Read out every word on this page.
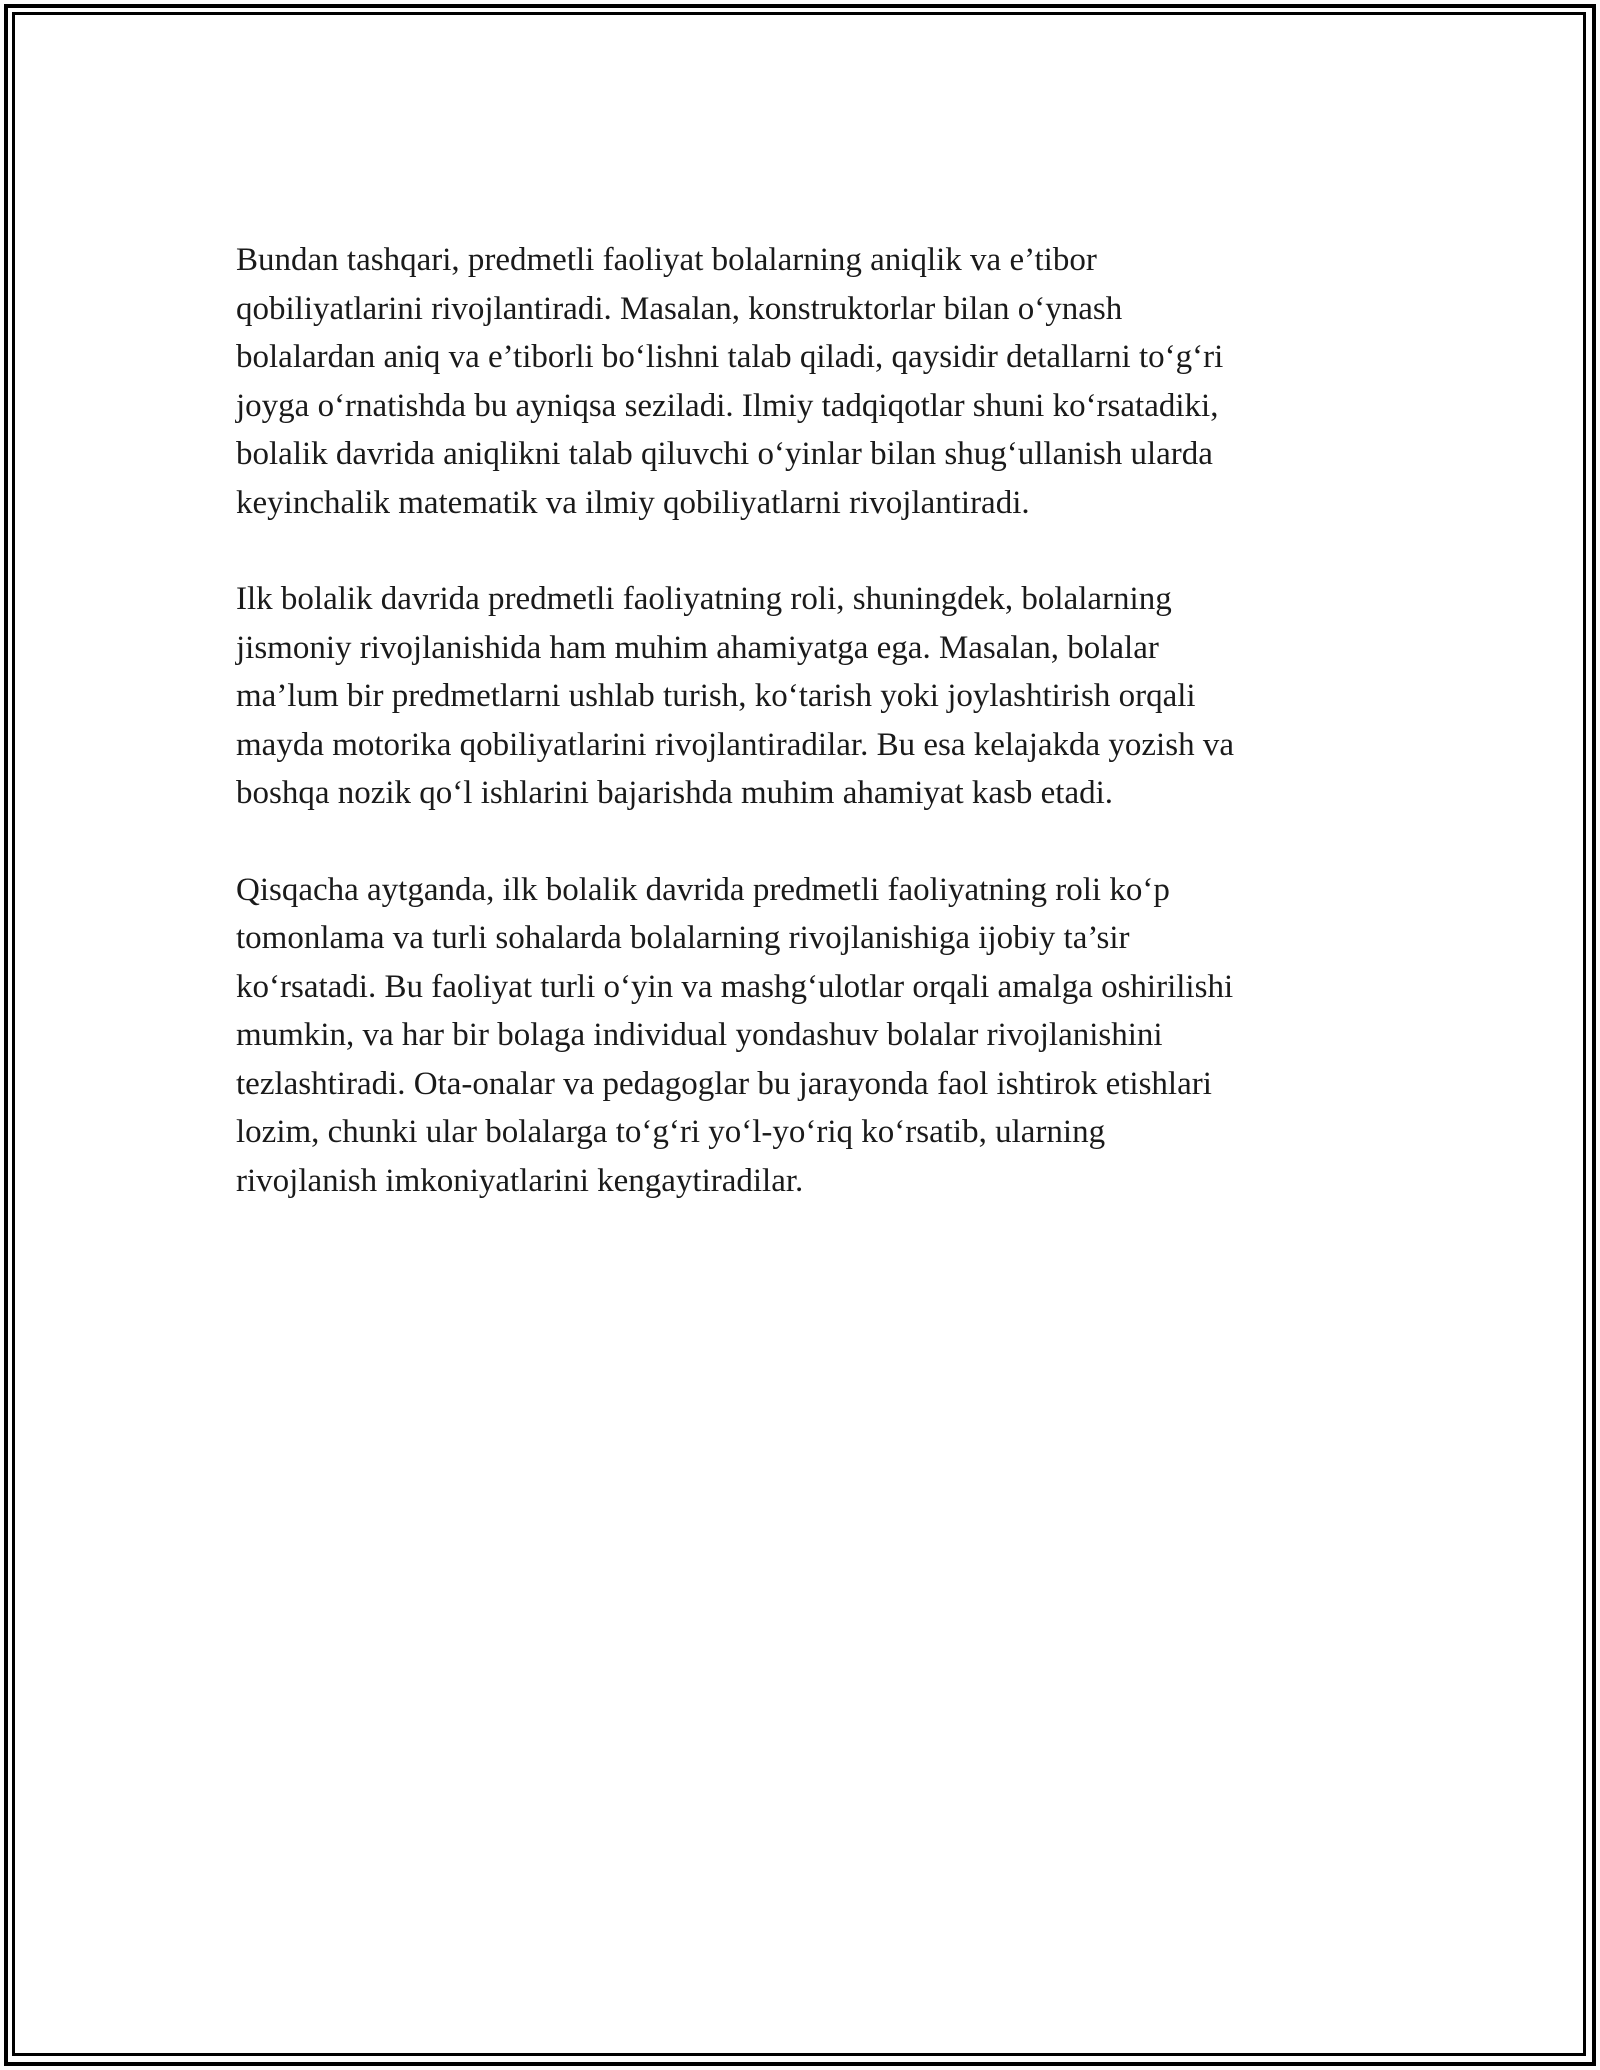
Bundan tashqari, predmetli faoliyat bolalarning aniqlik va e’tibor
qobiliyatlarini rivojlantiradi. Masalan, konstruktorlar bilan o‘ynash
bolalardan aniq va e’tiborli bo‘lishni talab qiladi, qaysidir detallarni to‘g‘ri
joyga o‘rnatishda bu ayniqsa seziladi. Ilmiy tadqiqotlar shuni ko‘rsatadiki,
bolalik davrida aniqlikni talab qiluvchi o‘yinlar bilan shug‘ullanish ularda
keyinchalik matematik va ilmiy qobiliyatlarni rivojlantiradi.

Ilk bolalik davrida predmetli faoliyatning roli, shuningdek, bolalarning
jismoniy rivojlanishida ham muhim ahamiyatga ega. Masalan, bolalar
ma’lum bir predmetlarni ushlab turish, ko‘tarish yoki joylashtirish orqali
mayda motorika qobiliyatlarini rivojlantiradilar. Bu esa kelajakda yozish va
boshqa nozik qo‘l ishlarini bajarishda muhim ahamiyat kasb etadi.

Qisqacha aytganda, ilk bolalik davrida predmetli faoliyatning roli ko‘p
tomonlama va turli sohalarda bolalarning rivojlanishiga ijobiy ta’sir
ko‘rsatadi. Bu faoliyat turli o‘yin va mashg‘ulotlar orqali amalga oshirilishi
mumkin, va har bir bolaga individual yondashuv bolalar rivojlanishini
tezlashtiradi. Ota-onalar va pedagoglar bu jarayonda faol ishtirok etishlari
lozim, chunki ular bolalarga to‘g‘ri yo‘l-yo‘riq ko‘rsatib, ularning
rivojlanish imkoniyatlarini kengaytiradilar.
